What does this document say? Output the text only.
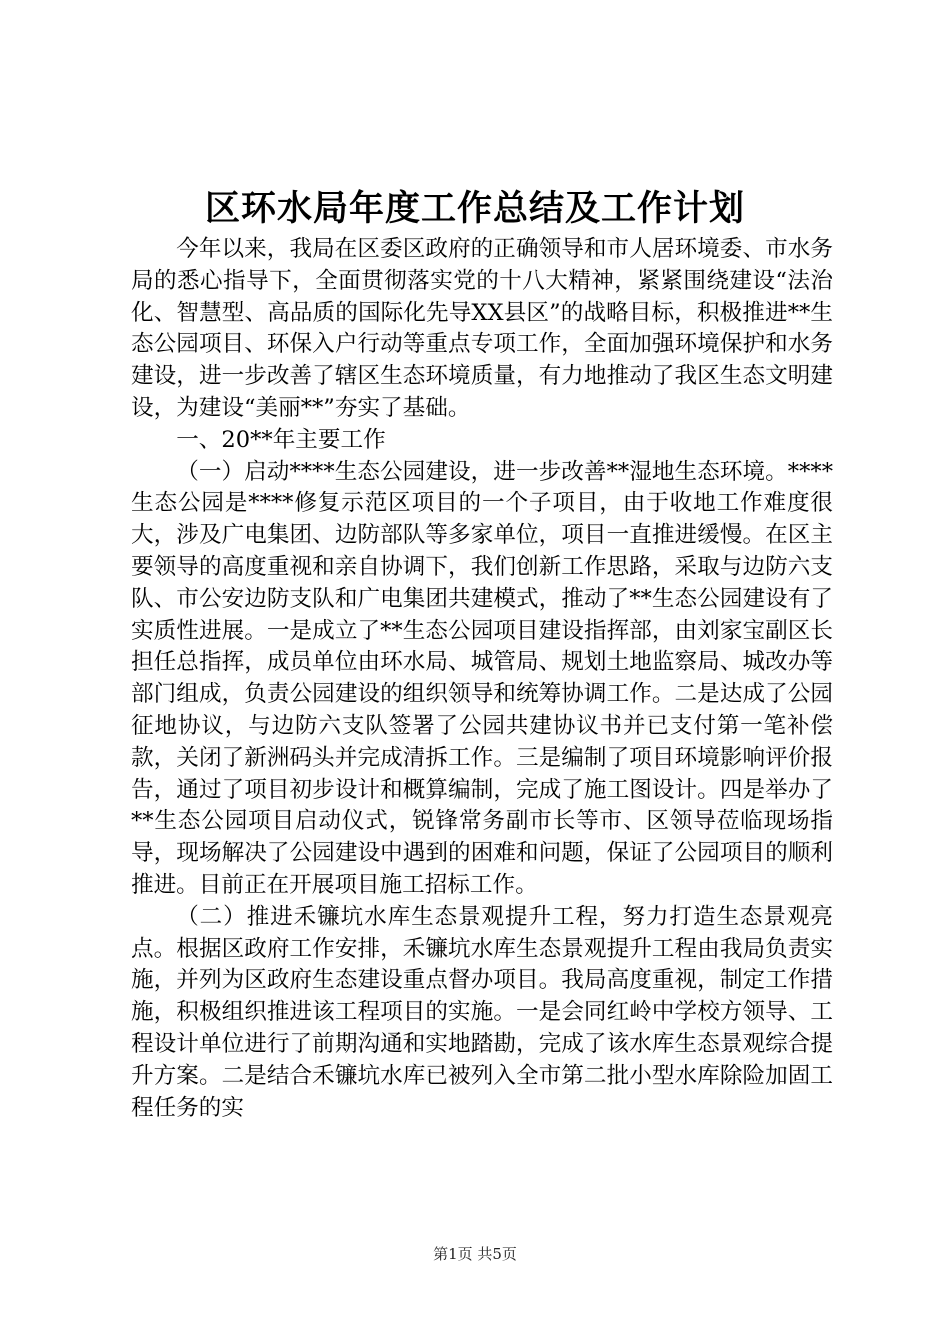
区环水局年度工作总结及工作计划

今年以来，我局在区委区政府的正确领导和市人居环境委、市水务局的悉心指导下，全面贯彻落实党的十八大精神，紧紧围绕建设“法治化、智慧型、高品质的国际化先导XX县区”的战略目标，积极推进**生态公园项目、环保入户行动等重点专项工作，全面加强环境保护和水务建设，进一步改善了辖区生态环境质量，有力地推动了我区生态文明建设，为建设“美丽**”夯实了基础。

一、20**年主要工作

（一）启动****生态公园建设，进一步改善**湿地生态环境。****生态公园是****修复示范区项目的一个子项目，由于收地工作难度很大，涉及广电集团、边防部队等多家单位，项目一直推进缓慢。在区主要领导的高度重视和亲自协调下，我们创新工作思路，采取与边防六支队、市公安边防支队和广电集团共建模式，推动了**生态公园建设有了实质性进展。一是成立了**生态公园项目建设指挥部，由刘家宝副区长担任总指挥，成员单位由环水局、城管局、规划土地监察局、城改办等部门组成，负责公园建设的组织领导和统筹协调工作。二是达成了公园征地协议，与边防六支队签署了公园共建协议书并已支付第一笔补偿款，关闭了新洲码头并完成清拆工作。三是编制了项目环境影响评价报告，通过了项目初步设计和概算编制，完成了施工图设计。四是举办了**生态公园项目启动仪式，锐锋常务副市长等市、区领导莅临现场指导，现场解决了公园建设中遇到的困难和问题，保证了公园项目的顺利推进。目前正在开展项目施工招标工作。

（二）推进禾镰坑水库生态景观提升工程，努力打造生态景观亮点。根据区政府工作安排，禾镰坑水库生态景观提升工程由我局负责实施，并列为区政府生态建设重点督办项目。我局高度重视，制定工作措施，积极组织推进该工程项目的实施。一是会同红岭中学校方领导、工程设计单位进行了前期沟通和实地踏勘，完成了该水库生态景观综合提升方案。二是结合禾镰坑水库已被列入全市第二批小型水库除险加固工程任务的实

第1页 共5页
